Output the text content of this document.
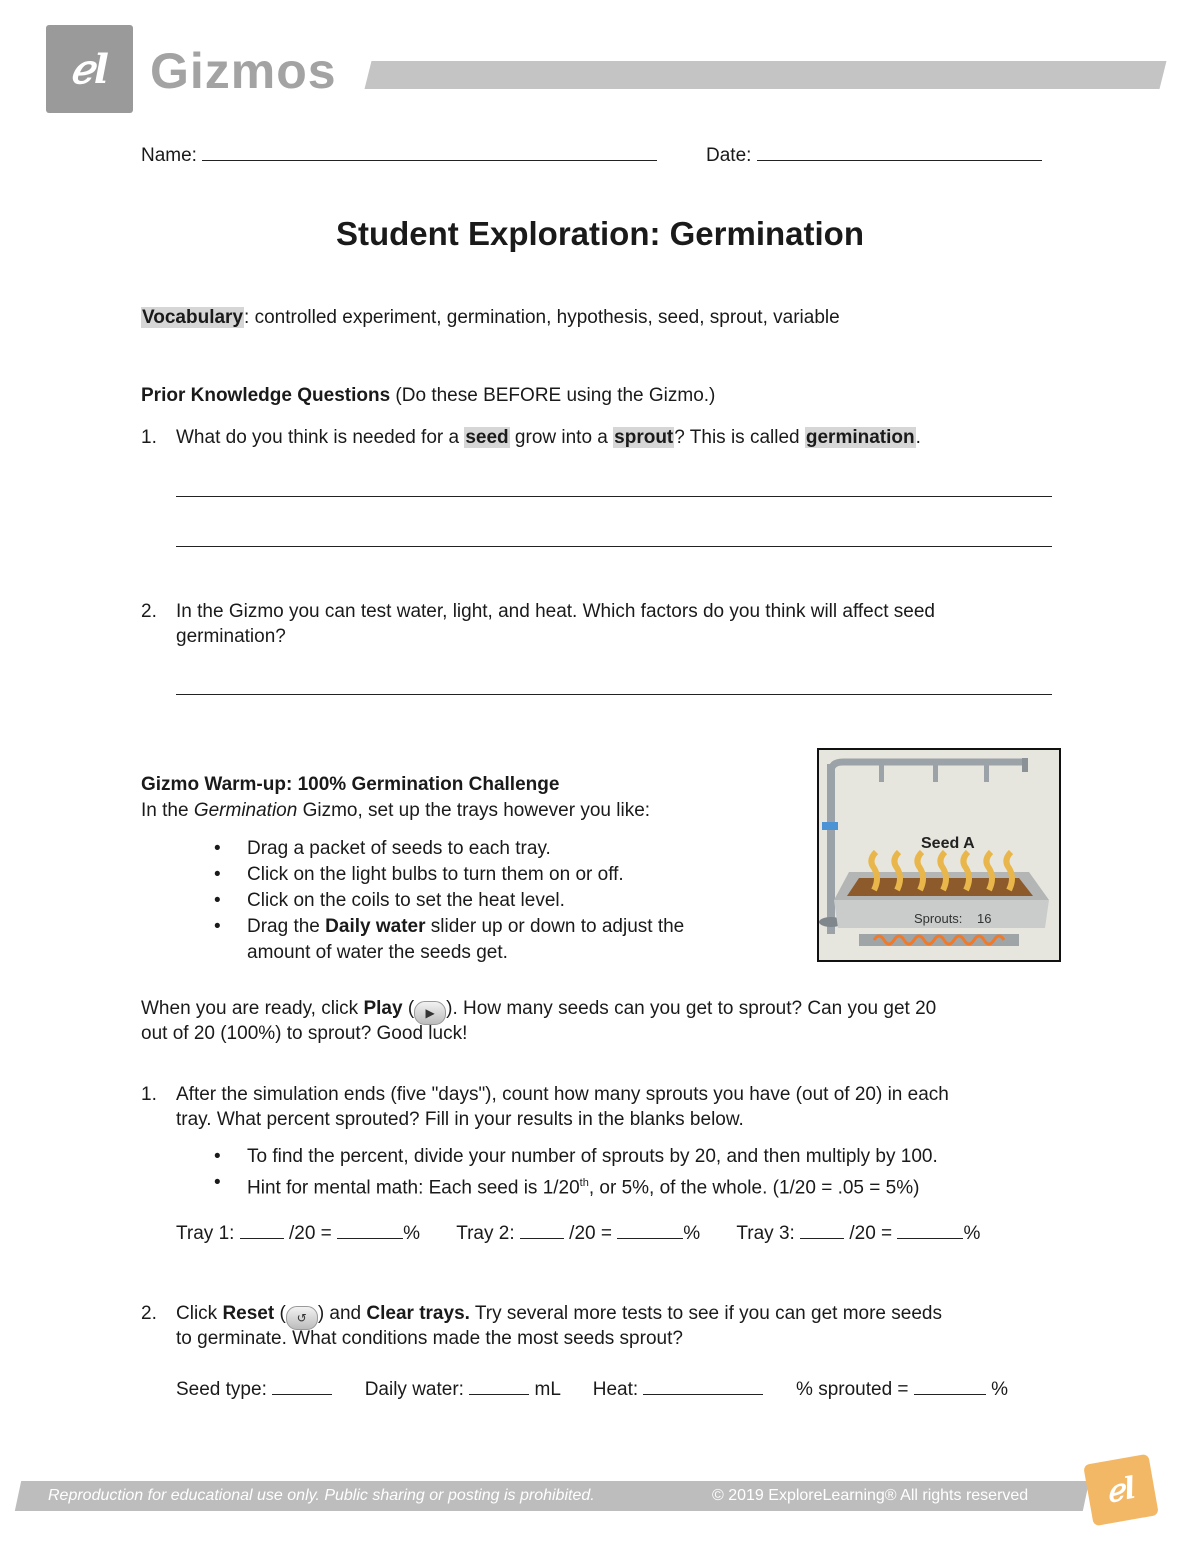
ℯl Gizmos
Name:	Date:
Student Exploration: Germination
Vocabulary: controlled experiment, germination, hypothesis, seed, sprout, variable
Prior Knowledge Questions (Do these BEFORE using the Gizmo.)
1. What do you think is needed for a seed grow into a sprout? This is called germination.
2. In the Gizmo you can test water, light, and heat. Which factors do you think will affect seed
germination?
Gizmo Warm-up: 100% Germination Challenge
In the Germination Gizmo, set up the trays however you like:
• Drag a packet of seeds to each tray.
• Click on the light bulbs to turn them on or off.
• Click on the coils to set the heat level.
• Drag the Daily water slider up or down to adjust the
amount of water the seeds get.
Seed A
Sprouts: 16
When you are ready, click Play ( ▶ ). How many seeds can you get to sprout? Can you get 20
out of 20 (100%) to sprout? Good luck!
1. After the simulation ends (five "days"), count how many sprouts you have (out of 20) in each
tray. What percent sprouted? Fill in your results in the blanks below.
• To find the percent, divide your number of sprouts by 20, and then multiply by 100.
• Hint for mental math: Each seed is 1/20th, or 5%, of the whole. (1/20 = .05 = 5%)
Tray 1:	/20 =	% Tray 2:	/20 =	% Tray 3:	/20 =	%
2. Click Reset ( ↺ ) and Clear trays. Try several more tests to see if you can get more seeds
to germinate. What conditions made the most seeds sprout?
Seed type:	Daily water:	mL Heat:	% sprouted =	%
Reproduction for educational use only. Public sharing or posting is prohibited.	© 2019 ExploreLearning® All rights reserved	ℯl
